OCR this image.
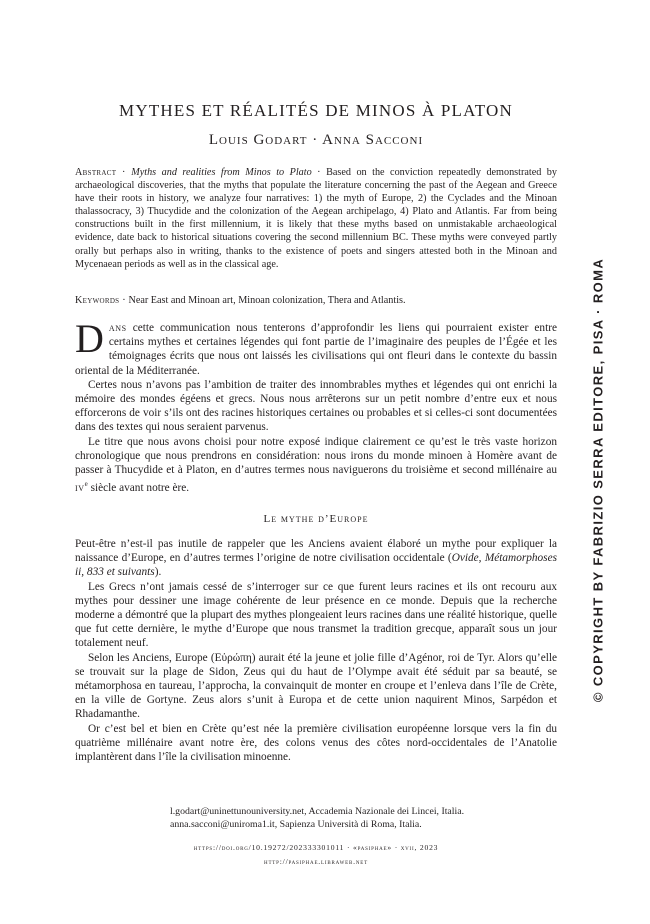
MYTHES ET RÉALITÉS DE MINOS À PLATON
Louis Godart · Anna Sacconi
Abstract · Myths and realities from Minos to Plato · Based on the conviction repeatedly demonstrated by archaeological discoveries, that the myths that populate the literature concerning the past of the Aegean and Greece have their roots in history, we analyze four narratives: 1) the myth of Europe, 2) the Cyclades and the Minoan thalassocracy, 3) Thucydide and the colonization of the Aegean archipelago, 4) Plato and Atlantis. Far from being constructions built in the first millennium, it is likely that these myths based on unmistakable archaeological evidence, date back to historical situations covering the second millennium BC. These myths were conveyed partly orally but perhaps also in writing, thanks to the existence of poets and singers attested both in the Minoan and Mycenaean periods as well as in the classical age.
Keywords · Near East and Minoan art, Minoan colonization, Thera and Atlantis.

Dans cette communication nous tenterons d’approfondir les liens qui pourraient exister entre certains mythes et certaines légendes qui font partie de l’imaginaire des peuples de l’Égée et les témoignages écrits que nous ont laissés les civilisations qui ont fleuri dans le contexte du bassin oriental de la Méditerranée.

Certes nous n’avons pas l’ambition de traiter des innombrables mythes et légendes qui ont enrichi la mémoire des mondes égéens et grecs. Nous nous arrêterons sur un petit nombre d’entre eux et nous efforcerons de voir s’ils ont des racines historiques certaines ou probables et si celles-ci sont documentées dans des textes qui nous seraient parvenus.

Le titre que nous avons choisi pour notre exposé indique clairement ce qu’est le très vaste horizon chronologique que nous prendrons en considération: nous irons du monde minoen à Homère avant de passer à Thucydide et à Platon, en d’autres termes nous naviguerons du troisième et second millénaire au $iv^e$ siècle avant notre ère.

Le mythe d’Europe

Peut-être n’est-il pas inutile de rappeler que les Anciens avaient élaboré un mythe pour expliquer la naissance d’Europe, en d’autres termes l’origine de notre civilisation occidentale (Ovide, Métamorphoses ii, 833 et suivants).

Les Grecs n’ont jamais cessé de s’interroger sur ce que furent leurs racines et ils ont recouru aux mythes pour dessiner une image cohérente de leur présence en ce monde. Depuis que la recherche moderne a démontré que la plupart des mythes plongeaient leurs racines dans une réalité historique, quelle que fut cette dernière, le mythe d’Europe que nous transmet la tradition grecque, apparaît sous un jour totalement neuf.

Selon les Anciens, Europe (Εὐρώπη) aurait été la jeune et jolie fille d’Agénor, roi de Tyr. Alors qu’elle se trouvait sur la plage de Sidon, Zeus qui du haut de l’Olympe avait été séduit par sa beauté, se métamorphosa en taureau, l’approcha, la convainquit de monter en croupe et l’enleva dans l’île de Crète, en la ville de Gortyne. Zeus alors s’unit à Europa et de cette union naquirent Minos, Sarpédon et Rhadamanthe.

Or c’est bel et bien en Crète qu’est née la première civilisation européenne lorsque vers la fin du quatrième millénaire avant notre ère, des colons venus des côtes nord-occidentales de l’Anatolie implantèrent dans l’île la civilisation minoenne.

l.godart@uninettunouniversity.net, Accademia Nazionale dei Lincei, Italia.
anna.sacconi@uniroma1.it, Sapienza Università di Roma, Italia.
https://doi.org/10.19272/202333301011 · «pasiphae» · xvii, 2023
http://pasiphae.libraweb.net
© COPYRIGHT BY FABRIZIO SERRA EDITORE, PISA · ROMA
